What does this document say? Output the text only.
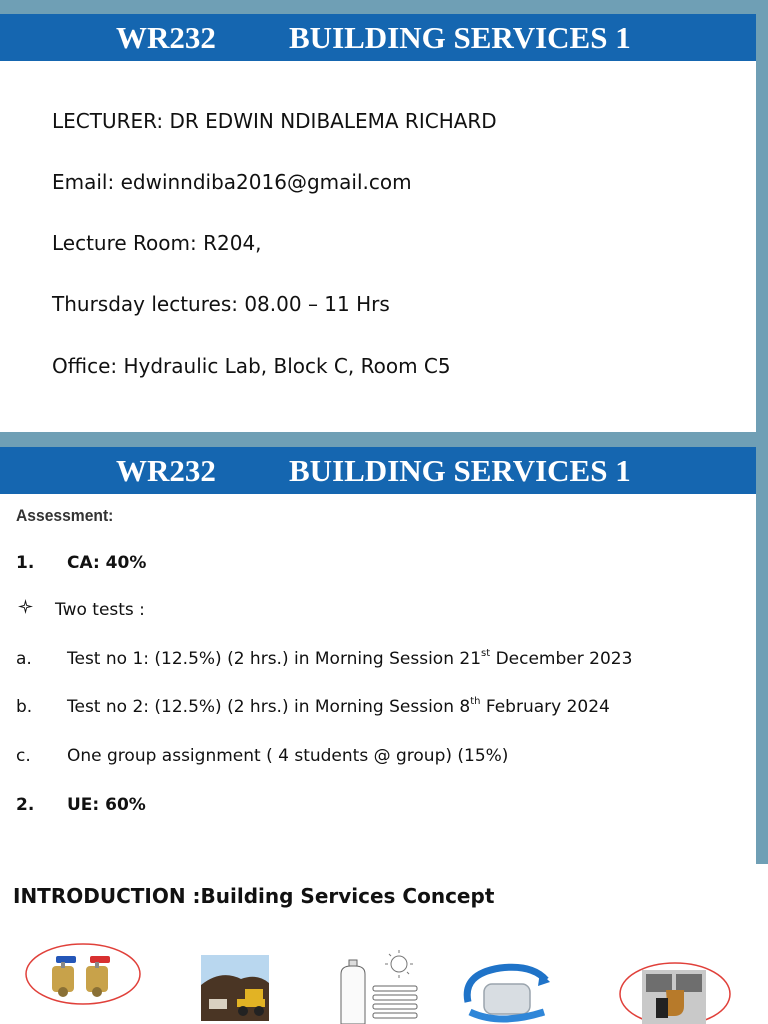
WR232 BUILDING SERVICES 1
LECTURER: DR EDWIN NDIBALEMA RICHARD
Email: edwinndiba2016@gmail.com
Lecture Room: R204,
Thursday lectures: 08.00 – 11 Hrs
Office: Hydraulic Lab, Block C, Room C5
WR232 BUILDING SERVICES 1
Assessment:
1. CA: 40%
Two tests :
a. Test no 1: (12.5%) (2 hrs.) in Morning Session 21st December 2023
b. Test no 2: (12.5%) (2 hrs.) in Morning Session 8th February 2024
c. One group assignment ( 4 students @ group) (15%)
2. UE: 60%
INTRODUCTION :Building Services Concept
